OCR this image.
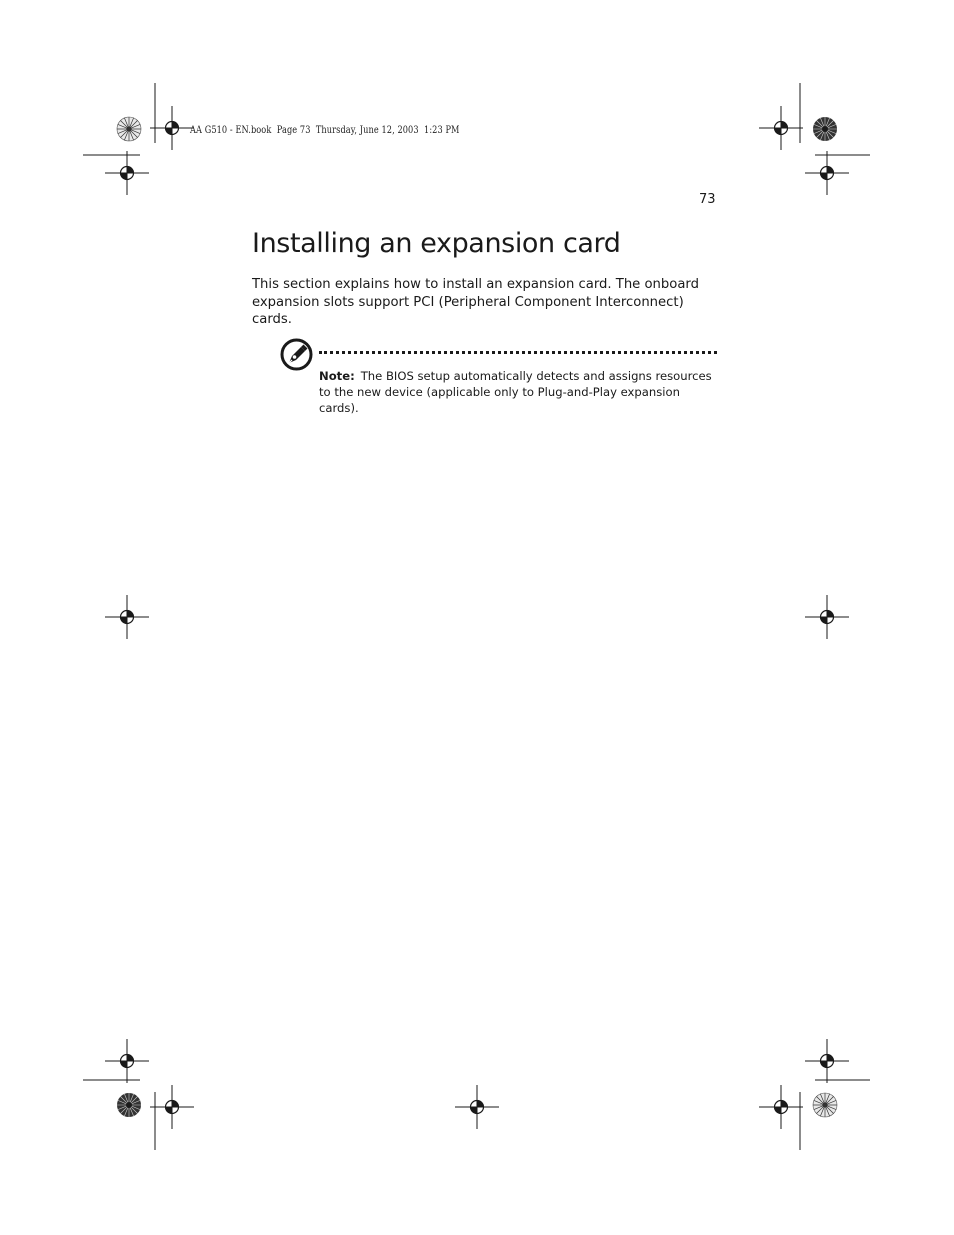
AA G510 - EN.book  Page 73  Thursday, June 12, 2003  1:23 PM
73
Installing an expansion card

This section explains how to install an expansion card. The onboard expansion slots support PCI (Peripheral Component Interconnect) cards.

Note: The BIOS setup automatically detects and assigns resources to the new device (applicable only to Plug-and-Play expansion cards).
